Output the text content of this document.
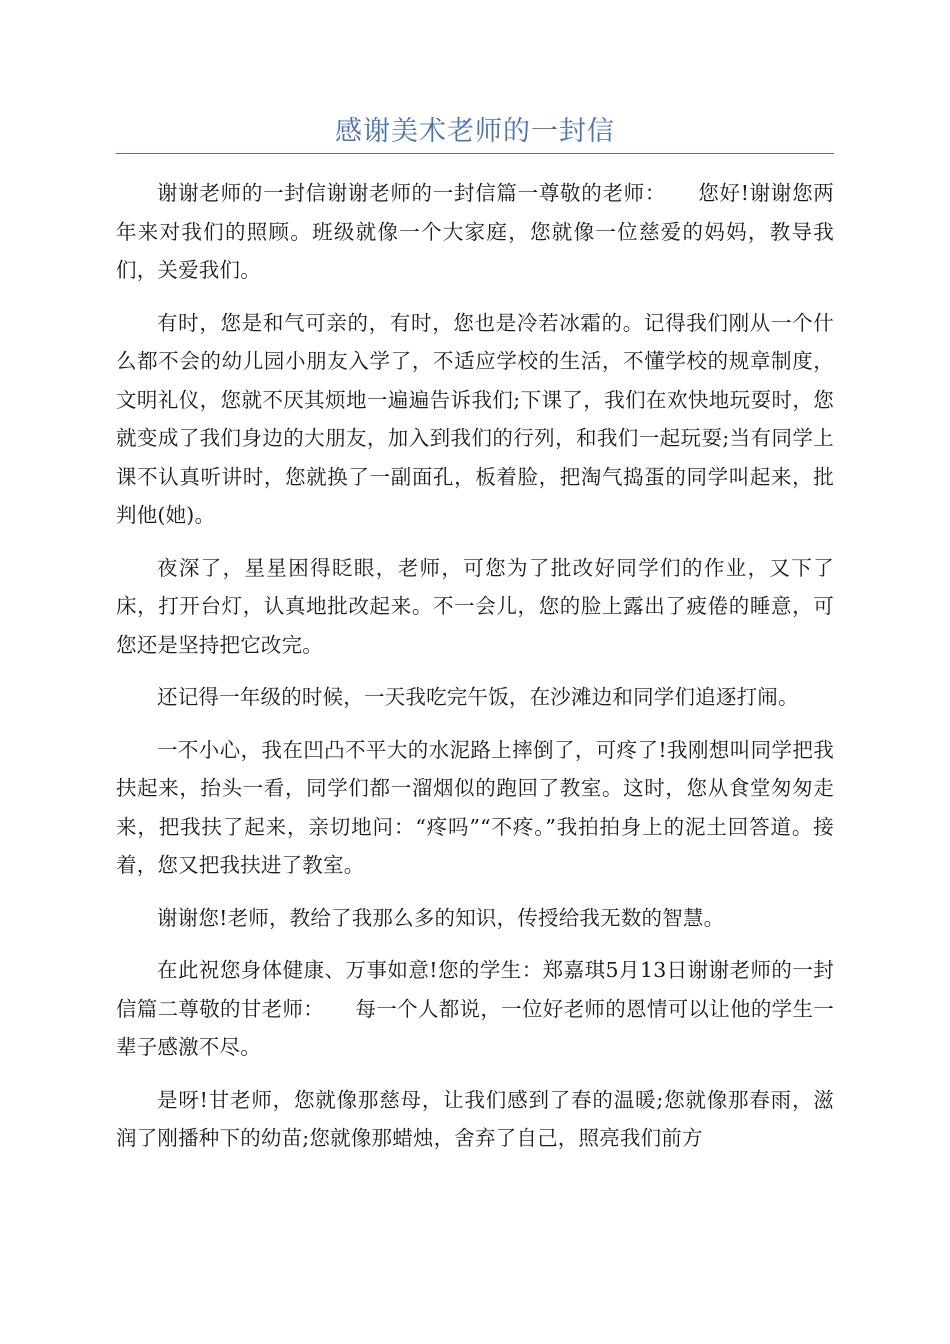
感谢美术老师的一封信

谢谢老师的一封信谢谢老师的一封信篇一尊敬的老师：　　您好!谢谢您两年来对我们的照顾。班级就像一个大家庭，您就像一位慈爱的妈妈，教导我们，关爱我们。

有时，您是和气可亲的，有时，您也是冷若冰霜的。记得我们刚从一个什么都不会的幼儿园小朋友入学了，不适应学校的生活，不懂学校的规章制度，文明礼仪，您就不厌其烦地一遍遍告诉我们;下课了，我们在欢快地玩耍时，您就变成了我们身边的大朋友，加入到我们的行列，和我们一起玩耍;当有同学上课不认真听讲时，您就换了一副面孔，板着脸，把淘气捣蛋的同学叫起来，批判他(她)。

夜深了，星星困得眨眼，老师，可您为了批改好同学们的作业，又下了床，打开台灯，认真地批改起来。不一会儿，您的脸上露出了疲倦的睡意，可您还是坚持把它改完。

还记得一年级的时候，一天我吃完午饭，在沙滩边和同学们追逐打闹。

一不小心，我在凹凸不平大的水泥路上摔倒了，可疼了!我刚想叫同学把我扶起来，抬头一看，同学们都一溜烟似的跑回了教室。这时，您从食堂匆匆走来，把我扶了起来，亲切地问：“疼吗”“不疼。”我拍拍身上的泥土回答道。接着，您又把我扶进了教室。

谢谢您!老师，教给了我那么多的知识，传授给我无数的智慧。

在此祝您身体健康、万事如意!您的学生：郑嘉琪5月13日谢谢老师的一封信篇二尊敬的甘老师：　　每一个人都说，一位好老师的恩情可以让他的学生一辈子感激不尽。

是呀!甘老师，您就像那慈母，让我们感到了春的温暖;您就像那春雨，滋润了刚播种下的幼苗;您就像那蜡烛，舍弃了自己，照亮我们前方
